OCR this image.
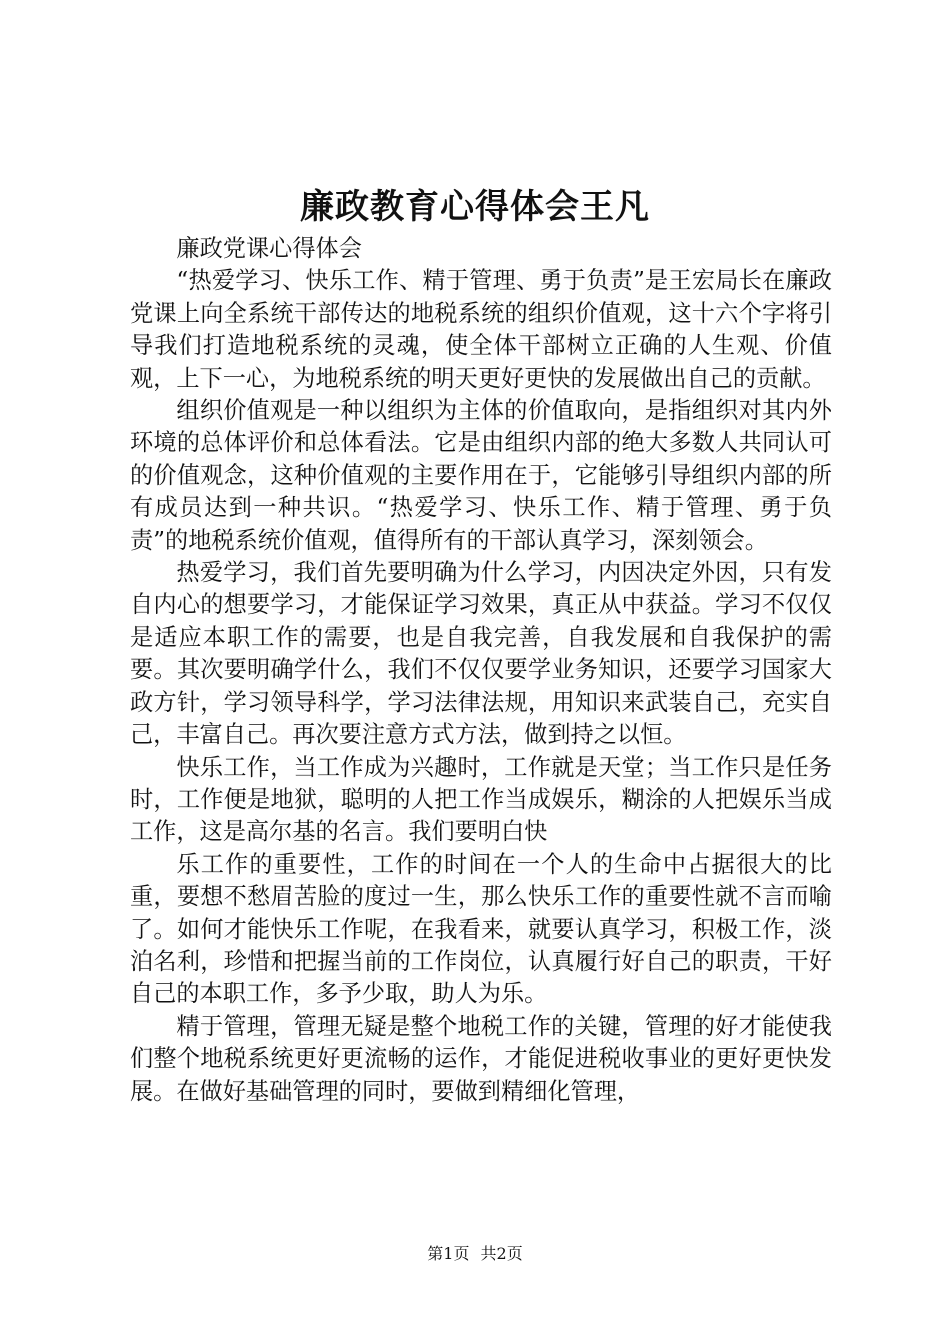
廉政教育心得体会王凡

廉政党课心得体会

“热爱学习、快乐工作、精于管理、勇于负责”是王宏局长在廉政党课上向全系统干部传达的地税系统的组织价值观，这十六个字将引导我们打造地税系统的灵魂，使全体干部树立正确的人生观、价值观，上下一心，为地税系统的明天更好更快的发展做出自己的贡献。

组织价值观是一种以组织为主体的价值取向，是指组织对其内外环境的总体评价和总体看法。它是由组织内部的绝大多数人共同认可的价值观念，这种价值观的主要作用在于，它能够引导组织内部的所有成员达到一种共识。“热爱学习、快乐工作、精于管理、勇于负责”的地税系统价值观，值得所有的干部认真学习，深刻领会。

热爱学习，我们首先要明确为什么学习，内因决定外因，只有发自内心的想要学习，才能保证学习效果，真正从中获益。学习不仅仅是适应本职工作的需要，也是自我完善，自我发展和自我保护的需要。其次要明确学什么，我们不仅仅要学业务知识，还要学习国家大政方针，学习领导科学，学习法律法规，用知识来武装自己，充实自己，丰富自己。再次要注意方式方法，做到持之以恒。

快乐工作，当工作成为兴趣时，工作就是天堂；当工作只是任务时，工作便是地狱，聪明的人把工作当成娱乐，糊涂的人把娱乐当成工作，这是高尔基的名言。我们要明白快

乐工作的重要性，工作的时间在一个人的生命中占据很大的比重，要想不愁眉苦脸的度过一生，那么快乐工作的重要性就不言而喻了。如何才能快乐工作呢，在我看来，就要认真学习，积极工作，淡泊名利，珍惜和把握当前的工作岗位，认真履行好自己的职责，干好自己的本职工作，多予少取，助人为乐。

精于管理，管理无疑是整个地税工作的关键，管理的好才能使我们整个地税系统更好更流畅的运作，才能促进税收事业的更好更快发展。在做好基础管理的同时，要做到精细化管理，

第1页 共2页
